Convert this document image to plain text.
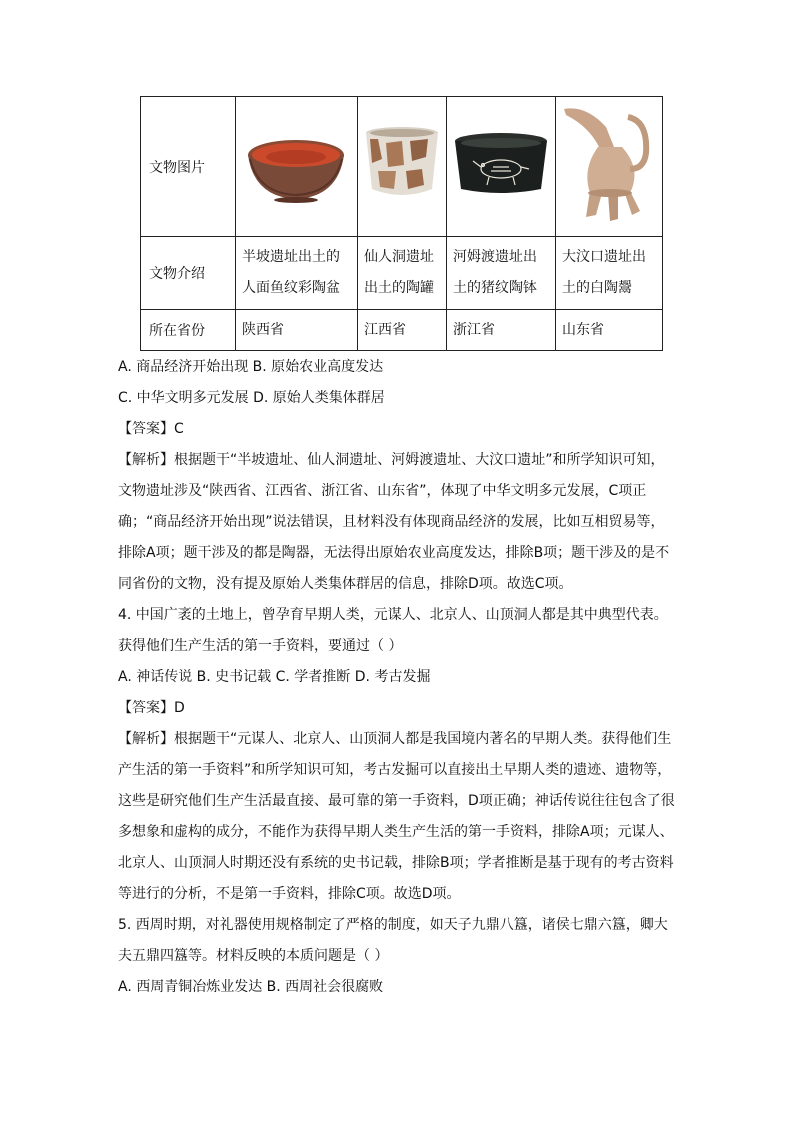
文物图片				
文物介绍	半坡遗址出土的人面鱼纹彩陶盆	仙人洞遗址出土的陶罐	河姆渡遗址出土的猪纹陶钵	大汶口遗址出土的白陶鬶
所在省份	陕西省	江西省	浙江省	山东省
A. 商品经济开始出现 B. 原始农业高度发达
C. 中华文明多元发展 D. 原始人类集体群居
【答案】C
【解析】根据题干“半坡遗址、仙人洞遗址、河姆渡遗址、大汶口遗址”和所学知识可知，文物遗址涉及“陕西省、江西省、浙江省、山东省”，体现了中华文明多元发展，C项正确；“商品经济开始出现”说法错误，且材料没有体现商品经济的发展，比如互相贸易等，排除A项；题干涉及的都是陶器，无法得出原始农业高度发达，排除B项；题干涉及的是不同省份的文物，没有提及原始人类集体群居的信息，排除D项。故选C项。
4. 中国广袤的土地上，曾孕育早期人类，元谋人、北京人、山顶洞人都是其中典型代表。获得他们生产生活的第一手资料，要通过（ ）
A. 神话传说 B. 史书记载 C. 学者推断 D. 考古发掘
【答案】D
【解析】根据题干“元谋人、北京人、山顶洞人都是我国境内著名的早期人类。获得他们生产生活的第一手资料”和所学知识可知，考古发掘可以直接出土早期人类的遗迹、遗物等，这些是研究他们生产生活最直接、最可靠的第一手资料，D项正确；神话传说往往包含了很多想象和虚构的成分，不能作为获得早期人类生产生活的第一手资料，排除A项；元谋人、北京人、山顶洞人时期还没有系统的史书记载，排除B项；学者推断是基于现有的考古资料等进行的分析，不是第一手资料，排除C项。故选D项。
5. 西周时期，对礼器使用规格制定了严格的制度，如天子九鼎八簋，诸侯七鼎六簋，卿大夫五鼎四簋等。材料反映的本质问题是（ ）
A. 西周青铜冶炼业发达 B. 西周社会很腐败
